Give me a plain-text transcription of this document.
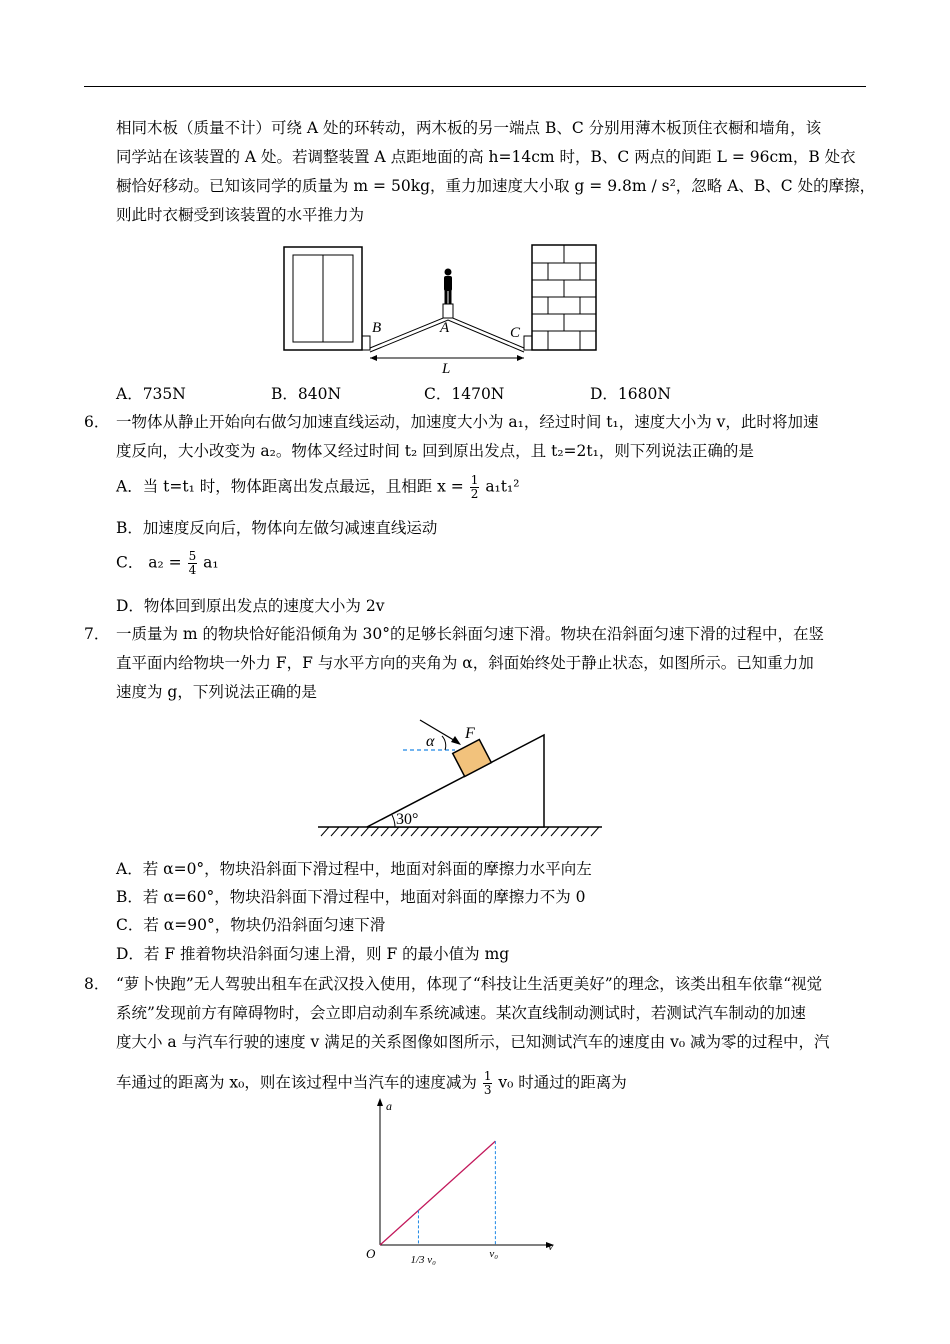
相同木板（质量不计）可绕 A 处的环转动，两木板的另一端点 B、C 分别用薄木板顶住衣橱和墙角，该
同学站在该装置的 A 处。若调整装置 A 点距地面的高 h=14cm 时，B、C 两点的间距 L = 96cm，B 处衣
橱恰好移动。已知该同学的质量为 m = 50kg，重力加速度大小取 g = 9.8m / s²，忽略 A、B、C 处的摩擦，
则此时衣橱受到该装置的水平推力为
B	A	C
L
A．735N	B．840N	C．1470N	D．1680N
6． 一物体从静止开始向右做匀加速直线运动，加速度大小为 a₁，经过时间 t₁，速度大小为 v，此时将加速
度反向，大小改变为 a₂。物体又经过时间 t₂ 回到原出发点，且 t₂=2t₁，则下列说法正确的是
A．当 t=t₁ 时，物体距离出发点最远，且相距 $x = \frac{1}{2} a_1t_1^2$
B．加速度反向后，物体向左做匀减速直线运动
C． $a_2 = \frac{5}{4} a_1$
D．物体回到原出发点的速度大小为 2v
7． 一质量为 m 的物块恰好能沿倾角为 30°的足够长斜面匀速下滑。物块在沿斜面匀速下滑的过程中，在竖
直平面内给物块一外力 F，F 与水平方向的夹角为 α，斜面始终处于静止状态，如图所示。已知重力加
速度为 g，下列说法正确的是
α F
30°
A．若 α=0°，物块沿斜面下滑过程中，地面对斜面的摩擦力水平向左
B．若 α=60°，物块沿斜面下滑过程中，地面对斜面的摩擦力不为 0
C．若 α=90°，物块仍沿斜面匀速下滑
D．若 F 推着物块沿斜面匀速上滑，则 F 的最小值为 mg
8． “萝卜快跑”无人驾驶出租车在武汉投入使用，体现了“科技让生活更美好”的理念，该类出租车依靠“视觉
系统”发现前方有障碍物时，会立即启动刹车系统减速。某次直线制动测试时，若测试汽车制动的加速
度大小 a 与汽车行驶的速度 v 满足的关系图像如图所示，已知测试汽车的速度由 v₀ 减为零的过程中，汽
车通过的距离为 x₀，则在该过程中当汽车的速度减为 $\frac{1}{3} v_0$ 时通过的距离为
v
a
O	1/3 v₀	v₀
